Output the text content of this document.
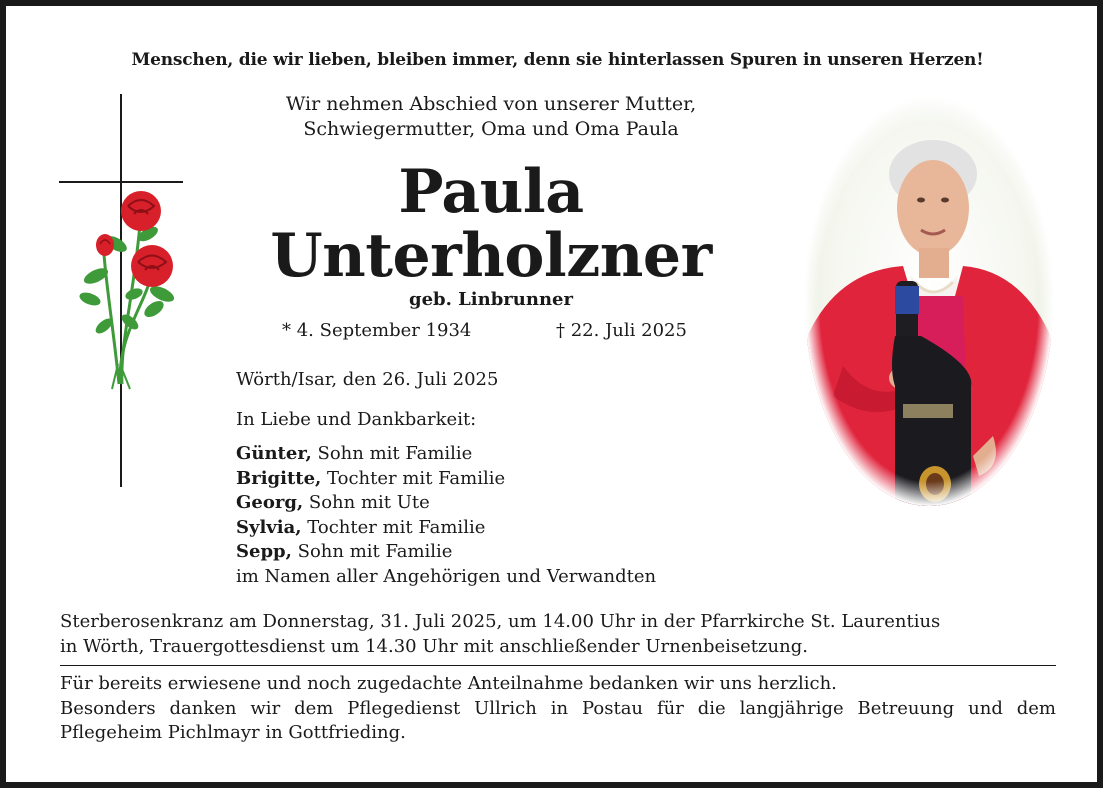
Menschen, die wir lieben, bleiben immer, denn sie hinterlassen Spuren in unseren Herzen!
Wir nehmen Abschied von unserer Mutter,
Schwiegermutter, Oma und Oma Paula
Paula
Unterholzner
geb. Linbrunner
* 4. September 1934	† 22. Juli 2025
Wörth/Isar, den 26. Juli 2025
In Liebe und Dankbarkeit:
Günter, Sohn mit Familie
Brigitte, Tochter mit Familie
Georg, Sohn mit Ute
Sylvia, Tochter mit Familie
Sepp, Sohn mit Familie
im Namen aller Angehörigen und Verwandten
Sterberosenkranz am Donnerstag, 31. Juli 2025, um 14.00 Uhr in der Pfarrkirche St. Laurentius
in Wörth, Trauergottesdienst um 14.30 Uhr mit anschließender Urnenbeisetzung.
Für bereits erwiesene und noch zugedachte Anteilnahme bedanken wir uns herzlich.
Besonders danken wir dem Pflegedienst Ullrich in Postau für die langjährige Betreuung und dem Pflegeheim Pichlmayr in Gottfrieding.
